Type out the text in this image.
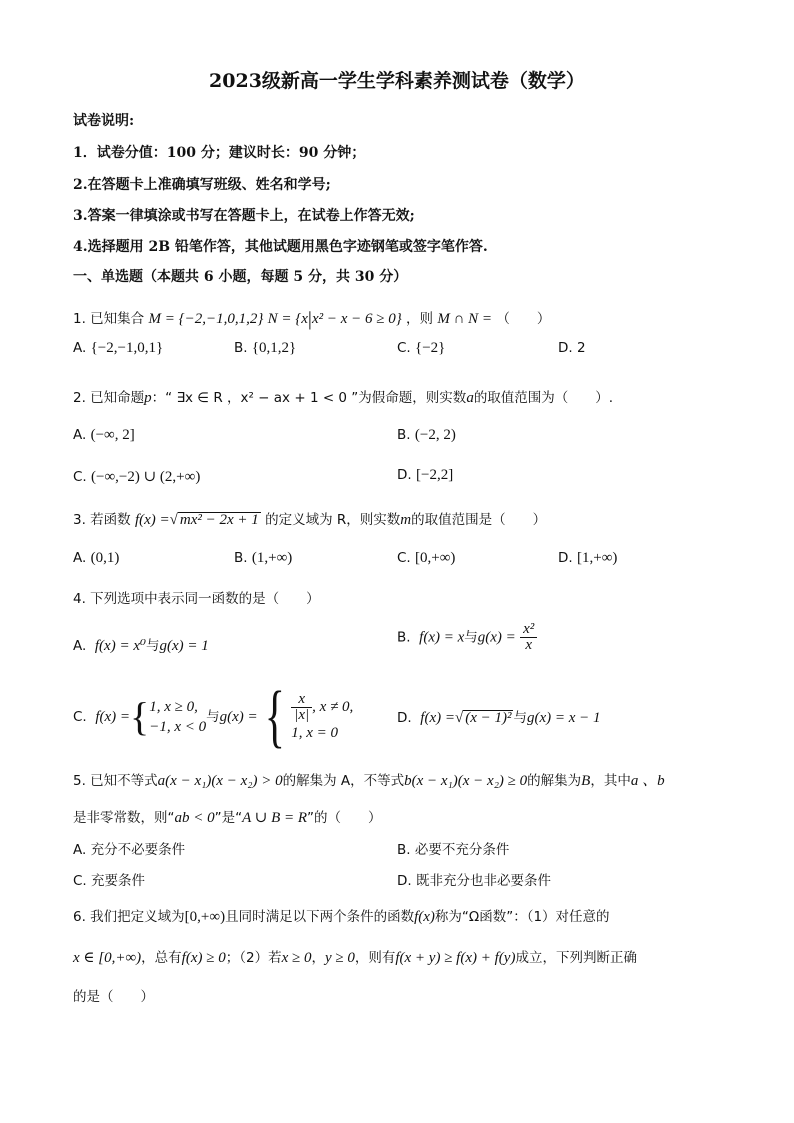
2023级新高一学生学科素养测试卷（数学）
试卷说明:
1．试卷分值：100 分；建议时长：90 分钟；
2.在答题卡上准确填写班级、姓名和学号;
3.答案一律填涂或书写在答题卡上，在试卷上作答无效;
4.选择题用 2B 铅笔作答，其他试题用黑色字迹钢笔或签字笔作答.
一、单选题（本题共 6 小题，每题 5 分，共 30 分）
1. 已知集合 M = {−2,−1,0,1,2} N = {x|x² − x − 6 ≥ 0} ，则 M ∩ N = （　　）
A. {−2,−1,0,1}	B. {0,1,2}	C. {−2}	D. 2
2. 已知命题p：“ ∃x ∈ R ，x² − ax + 1 < 0 ”为假命题，则实数a的取值范围为（　　）.
A. (−∞, 2]	B. (−2, 2)
C. (−∞,−2) ∪ (2,+∞)	D. [−2,2]
3. 若函数 f(x) =√ mx² − 2x + 1 的定义域为 R，则实数m的取值范围是（　　）
A. (0,1)	B. (1,+∞)	C. [0,+∞)	D. [1,+∞)
4. 下列选项中表示同一函数的是（　　）
A. f(x) = x⁰与g(x) = 1
B. f(x) = x与$g(x) = \frac{\text{x²}}{x}$
C. f(x) ={ 1, x ≥ 0,
−1, x < 0
与g(x) ={ $\frac{x}{|x|}$ , x ≠ 0,
1, x = 0
D. f(x) =√ (x − 1)² 与g(x) = x − 1
5. 已知不等式a(x − x₁)(x − x₂) > 0的解集为 A，不等式b(x − x₁)(x − x₂) ≥ 0的解集为B，其中a 、b
是非零常数，则“ab < 0”是“A ∪ B = R”的（　　）
A. 充分不必要条件	B. 必要不充分条件
C. 充要条件	D. 既非充分也非必要条件
6. 我们把定义域为[0,+∞)且同时满足以下两个条件的函数f(x)称为“Ω函数”：（1）对任意的
x ∈ [0,+∞)，总有f(x) ≥ 0；（2）若x ≥ 0，y ≥ 0，则有f(x + y) ≥ f(x) + f(y)成立，下列判断正确
的是（　　）
